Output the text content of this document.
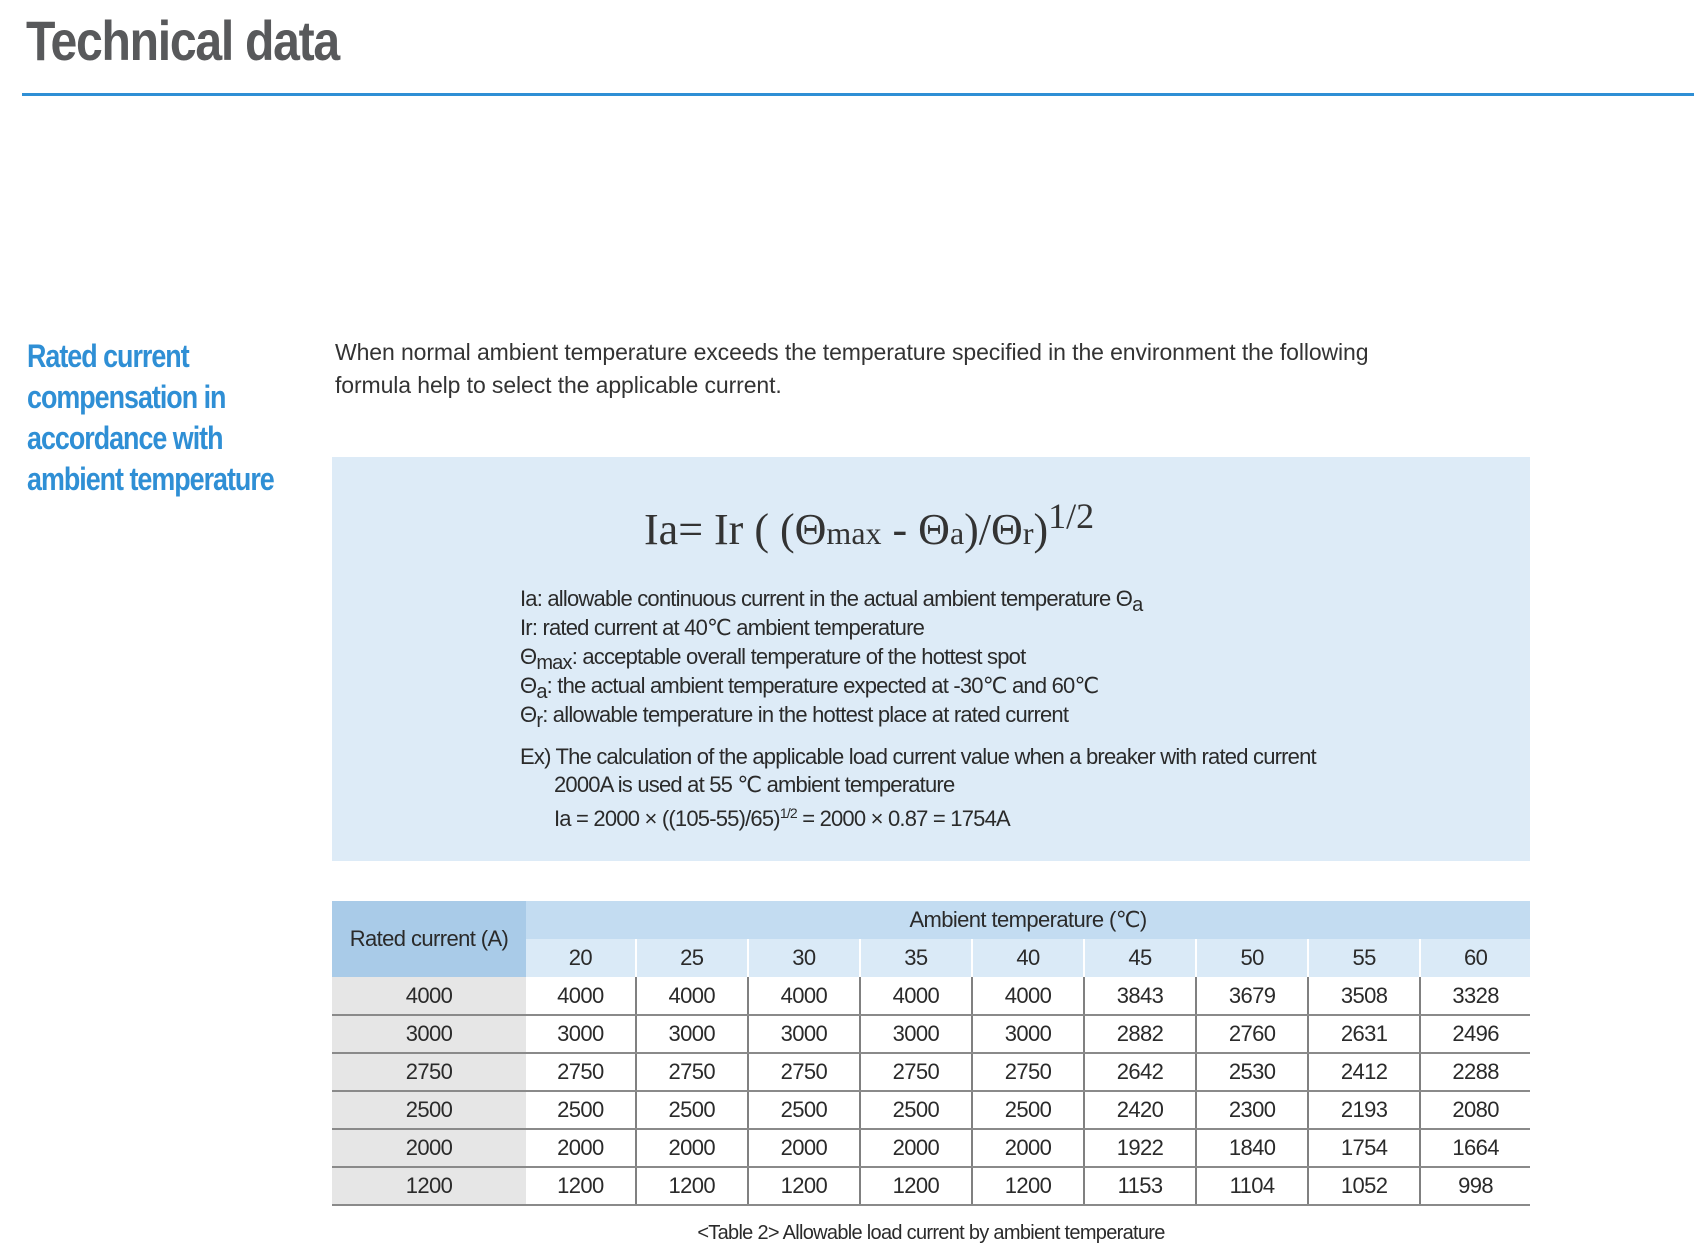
Technical data
Rated current
compensation in
accordance with
ambient temperature
When normal ambient temperature exceeds the temperature specified in the environment the following
formula help to select the applicable current.
Ia= Ir ( (Θmax - Θa)/Θr)$^{1/2}$
Ia: allowable continuous current in the actual ambient temperature Θa
Ir: rated current at 40℃ ambient temperature
Θmax: acceptable overall temperature of the hottest spot
Θa: the actual ambient temperature expected at -30℃ and 60℃
Θr: allowable temperature in the hottest place at rated current
Ex) The calculation of the applicable load current value when a breaker with rated current
2000A is used at 55 ℃ ambient temperature
$Ia = 2000 \times ((105-55)/65)^{1/2} = 2000 \times 0.87 = 1754A$
Rated current (A)	Ambient temperature (℃)								
	20	25	30	35	40	45	50	55	60
4000	4000	4000	4000	4000	4000	3843	3679	3508	3328
3000	3000	3000	3000	3000	3000	2882	2760	2631	2496
2750	2750	2750	2750	2750	2750	2642	2530	2412	2288
2500	2500	2500	2500	2500	2500	2420	2300	2193	2080
2000	2000	2000	2000	2000	2000	1922	1840	1754	1664
1200	1200	1200	1200	1200	1200	1153	1104	1052	998
<Table 2> Allowable load current by ambient temperature
